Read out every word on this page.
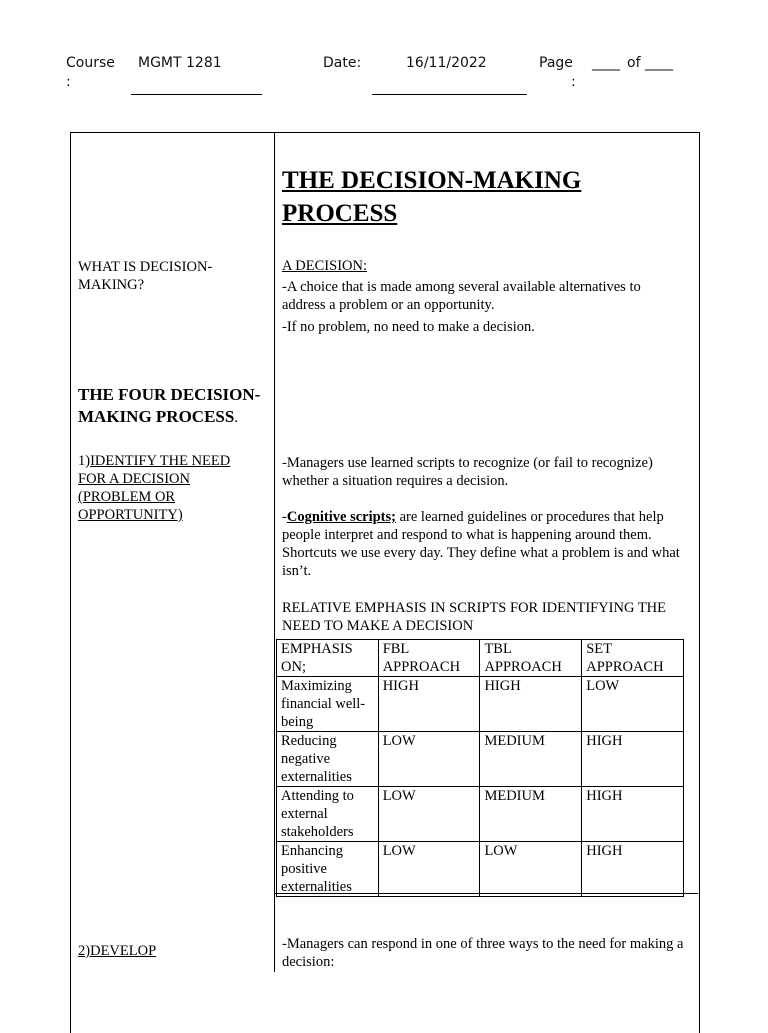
Course
:
MGMT 1281	Date:	16/11/2022	Page
:
____ of ____
WHAT IS DECISION-MAKING?
THE FOUR DECISION-MAKING PROCESS.
1)IDENTIFY THE NEED FOR A DECISION (PROBLEM OR OPPORTUNITY)
2)DEVELOP
THE DECISION-MAKING PROCESS
A DECISION:
-A choice that is made among several available alternatives to address a problem or an opportunity.
-If no problem, no need to make a decision.
-Managers use learned scripts to recognize (or fail to recognize) whether a situation requires a decision.
-Cognitive scripts; are learned guidelines or procedures that help people interpret and respond to what is happening around them. Shortcuts we use every day. They define what a problem is and what isn’t.
RELATIVE EMPHASIS IN SCRIPTS FOR IDENTIFYING THE NEED TO MAKE A DECISION
EMPHASIS ON;	FBL APPROACH	TBL APPROACH	SET APPROACH
Maximizing financial well-being	HIGH	HIGH	LOW
Reducing negative externalities	LOW	MEDIUM	HIGH
Attending to external stakeholders	LOW	MEDIUM	HIGH
Enhancing positive externalities	LOW	LOW	HIGH
-Managers can respond in one of three ways to the need for making a decision:
